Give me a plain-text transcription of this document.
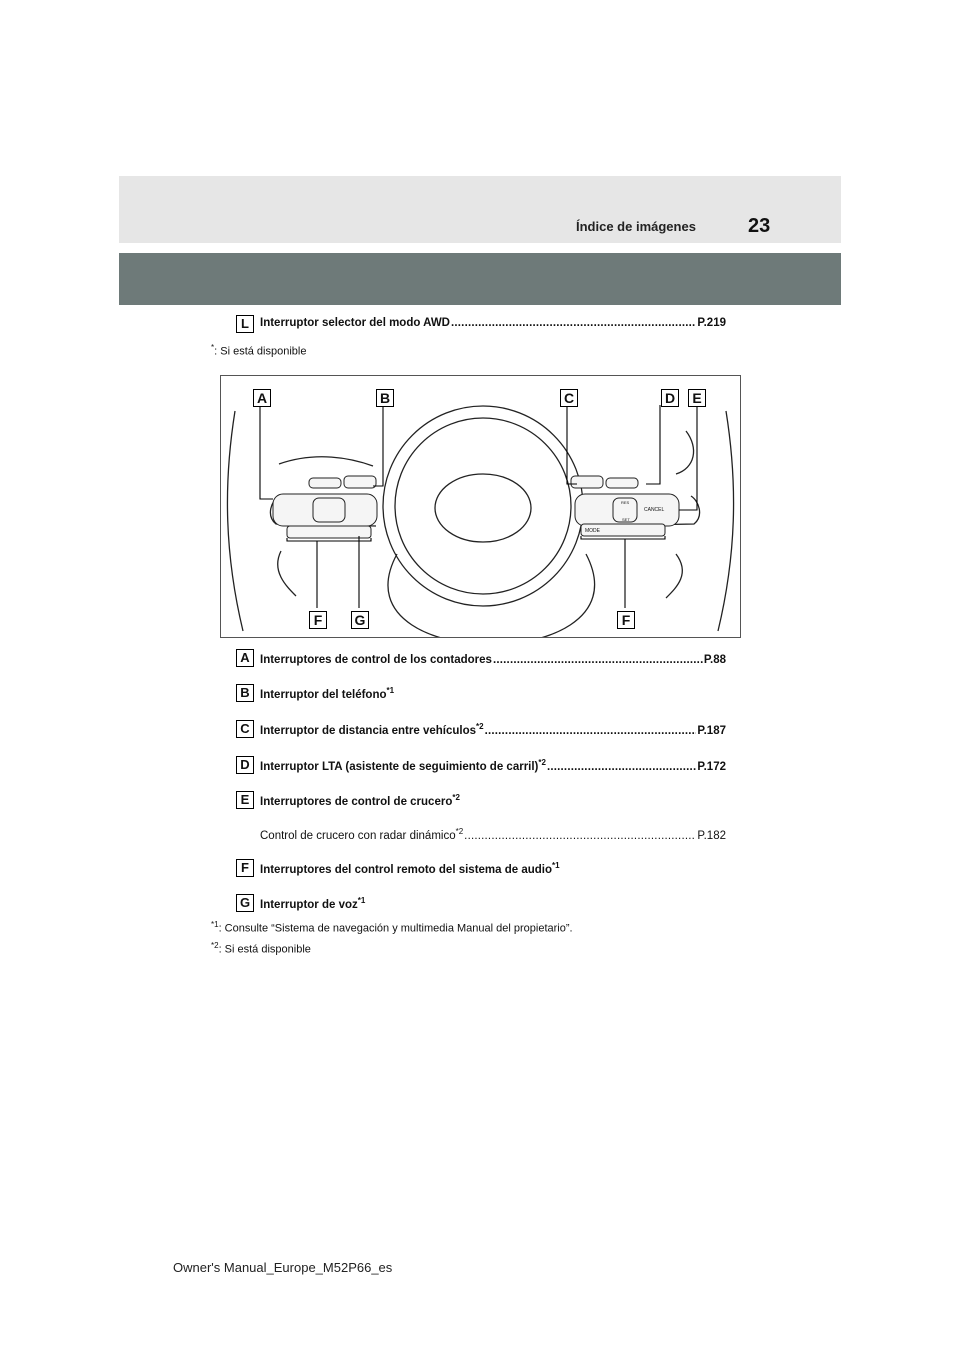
Índice de imágenes	23
L Interruptor selector del modo AWD .....	P.219
*: Si está disponible
MODE
CANCEL
RES
SET
A	B	C	D	E
F	G	F
A Interruptores de control de los contadores .....	P.88
B Interruptor del teléfono$^{*1}$
C Interruptor de distancia entre vehículos$^{*2}$ .....	P.187
D Interruptor LTA (asistente de seguimiento de carril)$^{*2}$ .....	P.172
E Interruptores de control de crucero$^{*2}$
Control de crucero con radar dinámico$^{*2}$ .....	P.182
F Interruptores del control remoto del sistema de audio$^{*1}$
G Interruptor de voz$^{*1}$
$^{*1}$: Consulte “Sistema de navegación y multimedia Manual del propietario”.
$^{*2}$: Si está disponible
Owner's Manual_Europe_M52P66_es
